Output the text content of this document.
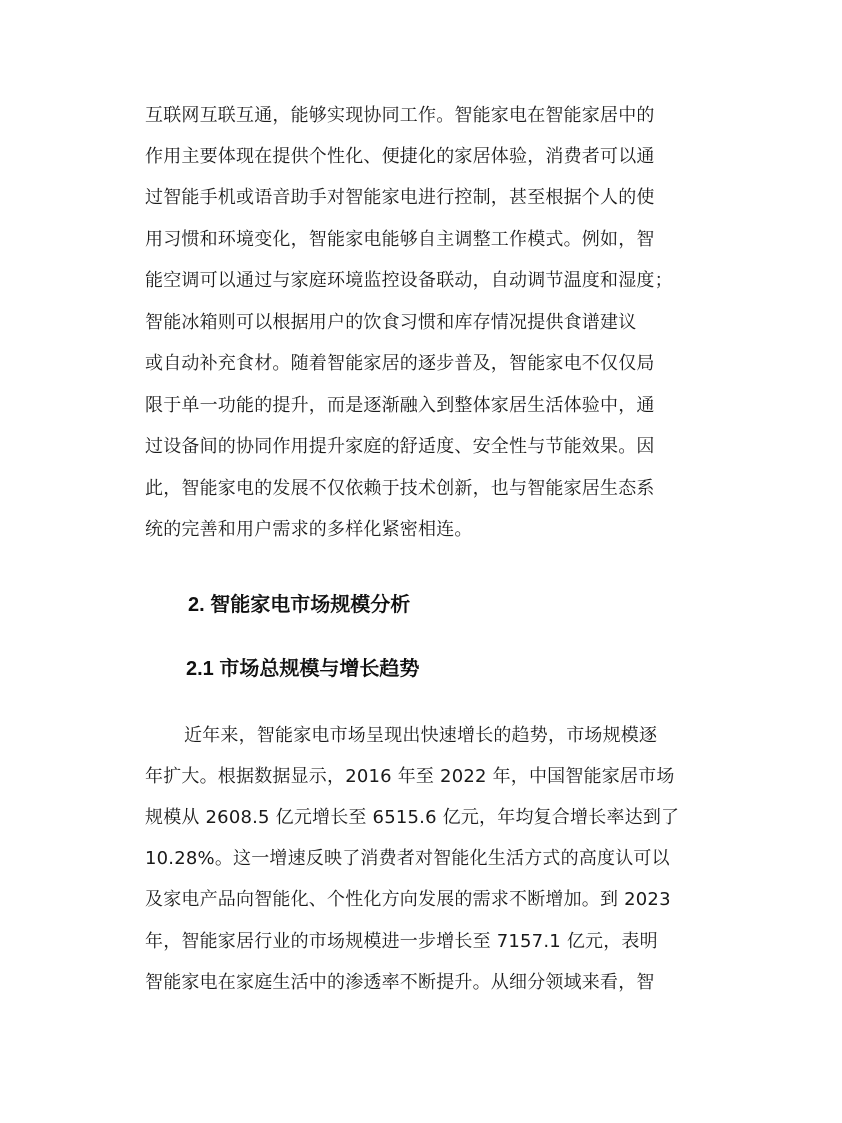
互联网互联互通，能够实现协同工作。智能家电在智能家居中的
作用主要体现在提供个性化、便捷化的家居体验，消费者可以通
过智能手机或语音助手对智能家电进行控制，甚至根据个人的使
用习惯和环境变化，智能家电能够自主调整工作模式。例如，智
能空调可以通过与家庭环境监控设备联动，自动调节温度和湿度；
智能冰箱则可以根据用户的饮食习惯和库存情况提供食谱建议
或自动补充食材。随着智能家居的逐步普及，智能家电不仅仅局
限于单一功能的提升，而是逐渐融入到整体家居生活体验中，通
过设备间的协同作用提升家庭的舒适度、安全性与节能效果。因
此，智能家电的发展不仅依赖于技术创新，也与智能家居生态系
统的完善和用户需求的多样化紧密相连。
2. 智能家电市场规模分析
2.1 市场总规模与增长趋势
近年来，智能家电市场呈现出快速增长的趋势，市场规模逐
年扩大。根据数据显示，2016 年至 2022 年，中国智能家居市场
规模从 2608.5 亿元增长至 6515.6 亿元，年均复合增长率达到了
10.28%。这一增速反映了消费者对智能化生活方式的高度认可以
及家电产品向智能化、个性化方向发展的需求不断增加。到 2023
年，智能家居行业的市场规模进一步增长至 7157.1 亿元，表明
智能家电在家庭生活中的渗透率不断提升。从细分领域来看，智
